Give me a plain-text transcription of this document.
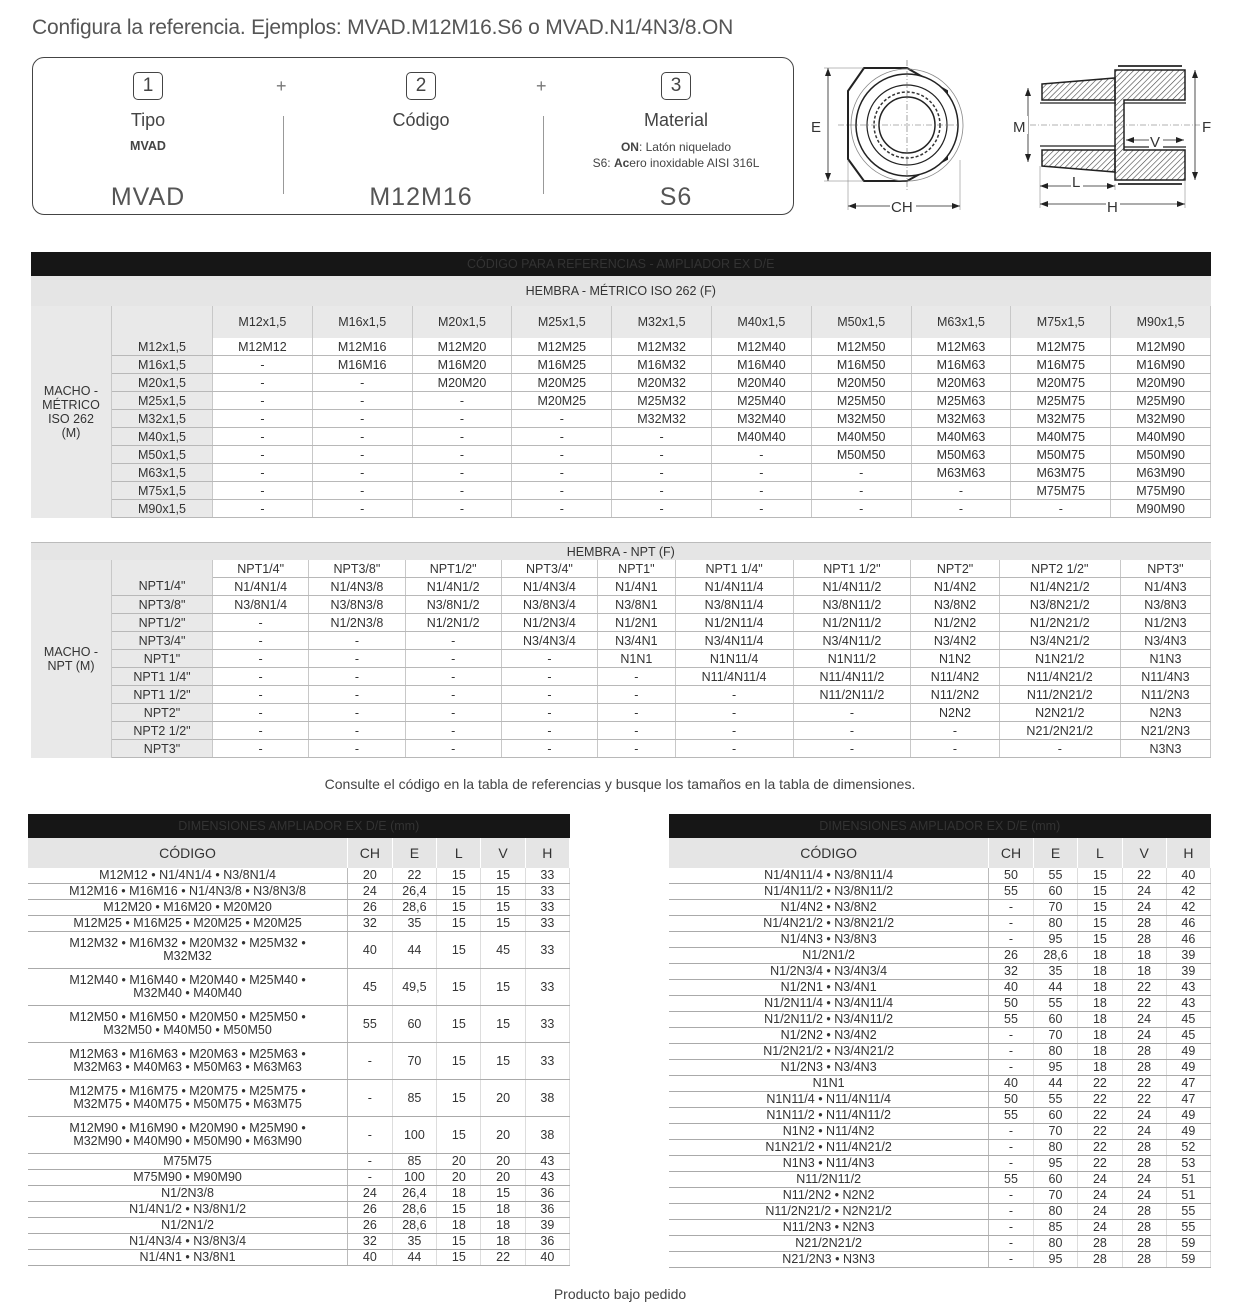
Configura la referencia. Ejemplos: MVAD.M12M16.S6 o MVAD.N1/4N3/8.ON
1
Tipo
MVAD
MVAD
+	2
Código
M12M16
+	3
Material
ON: Latón niquelado
S6: Acero inoxidable AISI 316L
S6
E
CH
M	F
V
L
H
CÓDIGO PARA REFERENCIAS - AMPLIADOR EX D/E											
HEMBRA - MÉTRICO ISO 262 (F)											

MACHO -
MÉTRICO
ISO 262
(M)		M12x1,5	M16x1,5	M20x1,5	M25x1,5	M32x1,5	M40x1,5	M50x1,5	M63x1,5	M75x1,5	M90x1,5
	M12x1,5	M12M12	M12M16	M12M20	M12M25	M12M32	M12M40	M12M50	M12M63	M12M75	M12M90
	M16x1,5	-	M16M16	M16M20	M16M25	M16M32	M16M40	M16M50	M16M63	M16M75	M16M90
	M20x1,5	-	-	M20M20	M20M25	M20M32	M20M40	M20M50	M20M63	M20M75	M20M90
	M25x1,5	-	-	-	M20M25	M25M32	M25M40	M25M50	M25M63	M25M75	M25M90
	M32x1,5	-	-	-	-	M32M32	M32M40	M32M50	M32M63	M32M75	M32M90
	M40x1,5	-	-	-	-	-	M40M40	M40M50	M40M63	M40M75	M40M90
	M50x1,5	-	-	-	-	-	-	M50M50	M50M63	M50M75	M50M90
	M63x1,5	-	-	-	-	-	-	-	M63M63	M63M75	M63M90
	M75x1,5	-	-	-	-	-	-	-	-	M75M75	M75M90
	M90x1,5	-	-	-	-	-	-	-	-	-	M90M90
HEMBRA - NPT (F)											

MACHO -
NPT (M)		NPT1/4"	NPT3/8"	NPT1/2"	NPT3/4"	NPT1"	NPT1 1/4"	NPT1 1/2"	NPT2"	NPT2 1/2"	NPT3"
	NPT1/4"	N1/4N1/4	N1/4N3/8	N1/4N1/2	N1/4N3/4	N1/4N1	N1/4N11/4	N1/4N11/2	N1/4N2	N1/4N21/2	N1/4N3
	NPT3/8"	N3/8N1/4	N3/8N3/8	N3/8N1/2	N3/8N3/4	N3/8N1	N3/8N11/4	N3/8N11/2	N3/8N2	N3/8N21/2	N3/8N3
	NPT1/2"	-	N1/2N3/8	N1/2N1/2	N1/2N3/4	N1/2N1	N1/2N11/4	N1/2N11/2	N1/2N2	N1/2N21/2	N1/2N3
	NPT3/4"	-	-	-	N3/4N3/4	N3/4N1	N3/4N11/4	N3/4N11/2	N3/4N2	N3/4N21/2	N3/4N3
	NPT1"	-	-	-	-	N1N1	N1N11/4	N1N11/2	N1N2	N1N21/2	N1N3
	NPT1 1/4"	-	-	-	-	-	N11/4N11/4	N11/4N11/2	N11/4N2	N11/4N21/2	N11/4N3
	NPT1 1/2"	-	-	-	-	-	-	N11/2N11/2	N11/2N2	N11/2N21/2	N11/2N3
	NPT2"	-	-	-	-	-	-	-	N2N2	N2N21/2	N2N3
	NPT2 1/2"	-	-	-	-	-	-	-	-	N21/2N21/2	N21/2N3
	NPT3"	-	-	-	-	-	-	-	-	-	N3N3
Consulte el código en la tabla de referencias y busque los tamaños en la tabla de dimensiones.
DIMENSIONES AMPLIADOR EX D/E (mm)					
CÓDIGO	CH	E	L	V	H

M12M12 • N1/4N1/4 • N3/8N1/4	20	22	15	15	33

M12M16 • M16M16 • N1/4N3/8 • N3/8N3/8	24	26,4	15	15	33

M12M20 • M16M20 • M20M20	26	28,6	15	15	33

M12M25 • M16M25 • M20M25 • M20M25	32	35	15	15	33

M12M32 • M16M32 • M20M32 • M25M32 •
M32M32	40	44	15	45	33

M12M40 • M16M40 • M20M40 • M25M40 •
M32M40 • M40M40	45	49,5	15	15	33

M12M50 • M16M50 • M20M50 • M25M50 •
M32M50 • M40M50 • M50M50	55	60	15	15	33

M12M63 • M16M63 • M20M63 • M25M63 •
M32M63 • M40M63 • M50M63 • M63M63	-	70	15	15	33

M12M75 • M16M75 • M20M75 • M25M75 •
M32M75 • M40M75 • M50M75 • M63M75	-	85	15	20	38

M12M90 • M16M90 • M20M90 • M25M90 •
M32M90 • M40M90 • M50M90 • M63M90	-	100	15	20	38

M75M75	-	85	20	20	43

M75M90 • M90M90	-	100	20	20	43

N1/2N3/8	24	26,4	18	15	36

N1/4N1/2 • N3/8N1/2	26	28,6	15	18	36

N1/2N1/2	26	28,6	18	18	39

N1/4N3/4 • N3/8N3/4	32	35	15	18	36

N1/4N1 • N3/8N1	40	44	15	22	40
DIMENSIONES AMPLIADOR EX D/E (mm)					
CÓDIGO	CH	E	L	V	H

N1/4N11/4 • N3/8N11/4	50	55	15	22	40

N1/4N11/2 • N3/8N11/2	55	60	15	24	42

N1/4N2 • N3/8N2	-	70	15	24	42

N1/4N21/2 • N3/8N21/2	-	80	15	28	46

N1/4N3 • N3/8N3	-	95	15	28	46

N1/2N1/2	26	28,6	18	18	39

N1/2N3/4 • N3/4N3/4	32	35	18	18	39

N1/2N1 • N3/4N1	40	44	18	22	43

N1/2N11/4 • N3/4N11/4	50	55	18	22	43

N1/2N11/2 • N3/4N11/2	55	60	18	24	45

N1/2N2 • N3/4N2	-	70	18	24	45

N1/2N21/2 • N3/4N21/2	-	80	18	28	49

N1/2N3 • N3/4N3	-	95	18	28	49

N1N1	40	44	22	22	47

N1N11/4 • N11/4N11/4	50	55	22	22	47

N1N11/2 • N11/4N11/2	55	60	22	24	49

N1N2 • N11/4N2	-	70	22	24	49

N1N21/2 • N11/4N21/2	-	80	22	28	52

N1N3 • N11/4N3	-	95	22	28	53

N11/2N11/2	55	60	24	24	51

N11/2N2 • N2N2	-	70	24	24	51

N11/2N21/2 • N2N21/2	-	80	24	28	55

N11/2N3 • N2N3	-	85	24	28	55

N21/2N21/2	-	80	28	28	59

N21/2N3 • N3N3	-	95	28	28	59
Producto bajo pedido
